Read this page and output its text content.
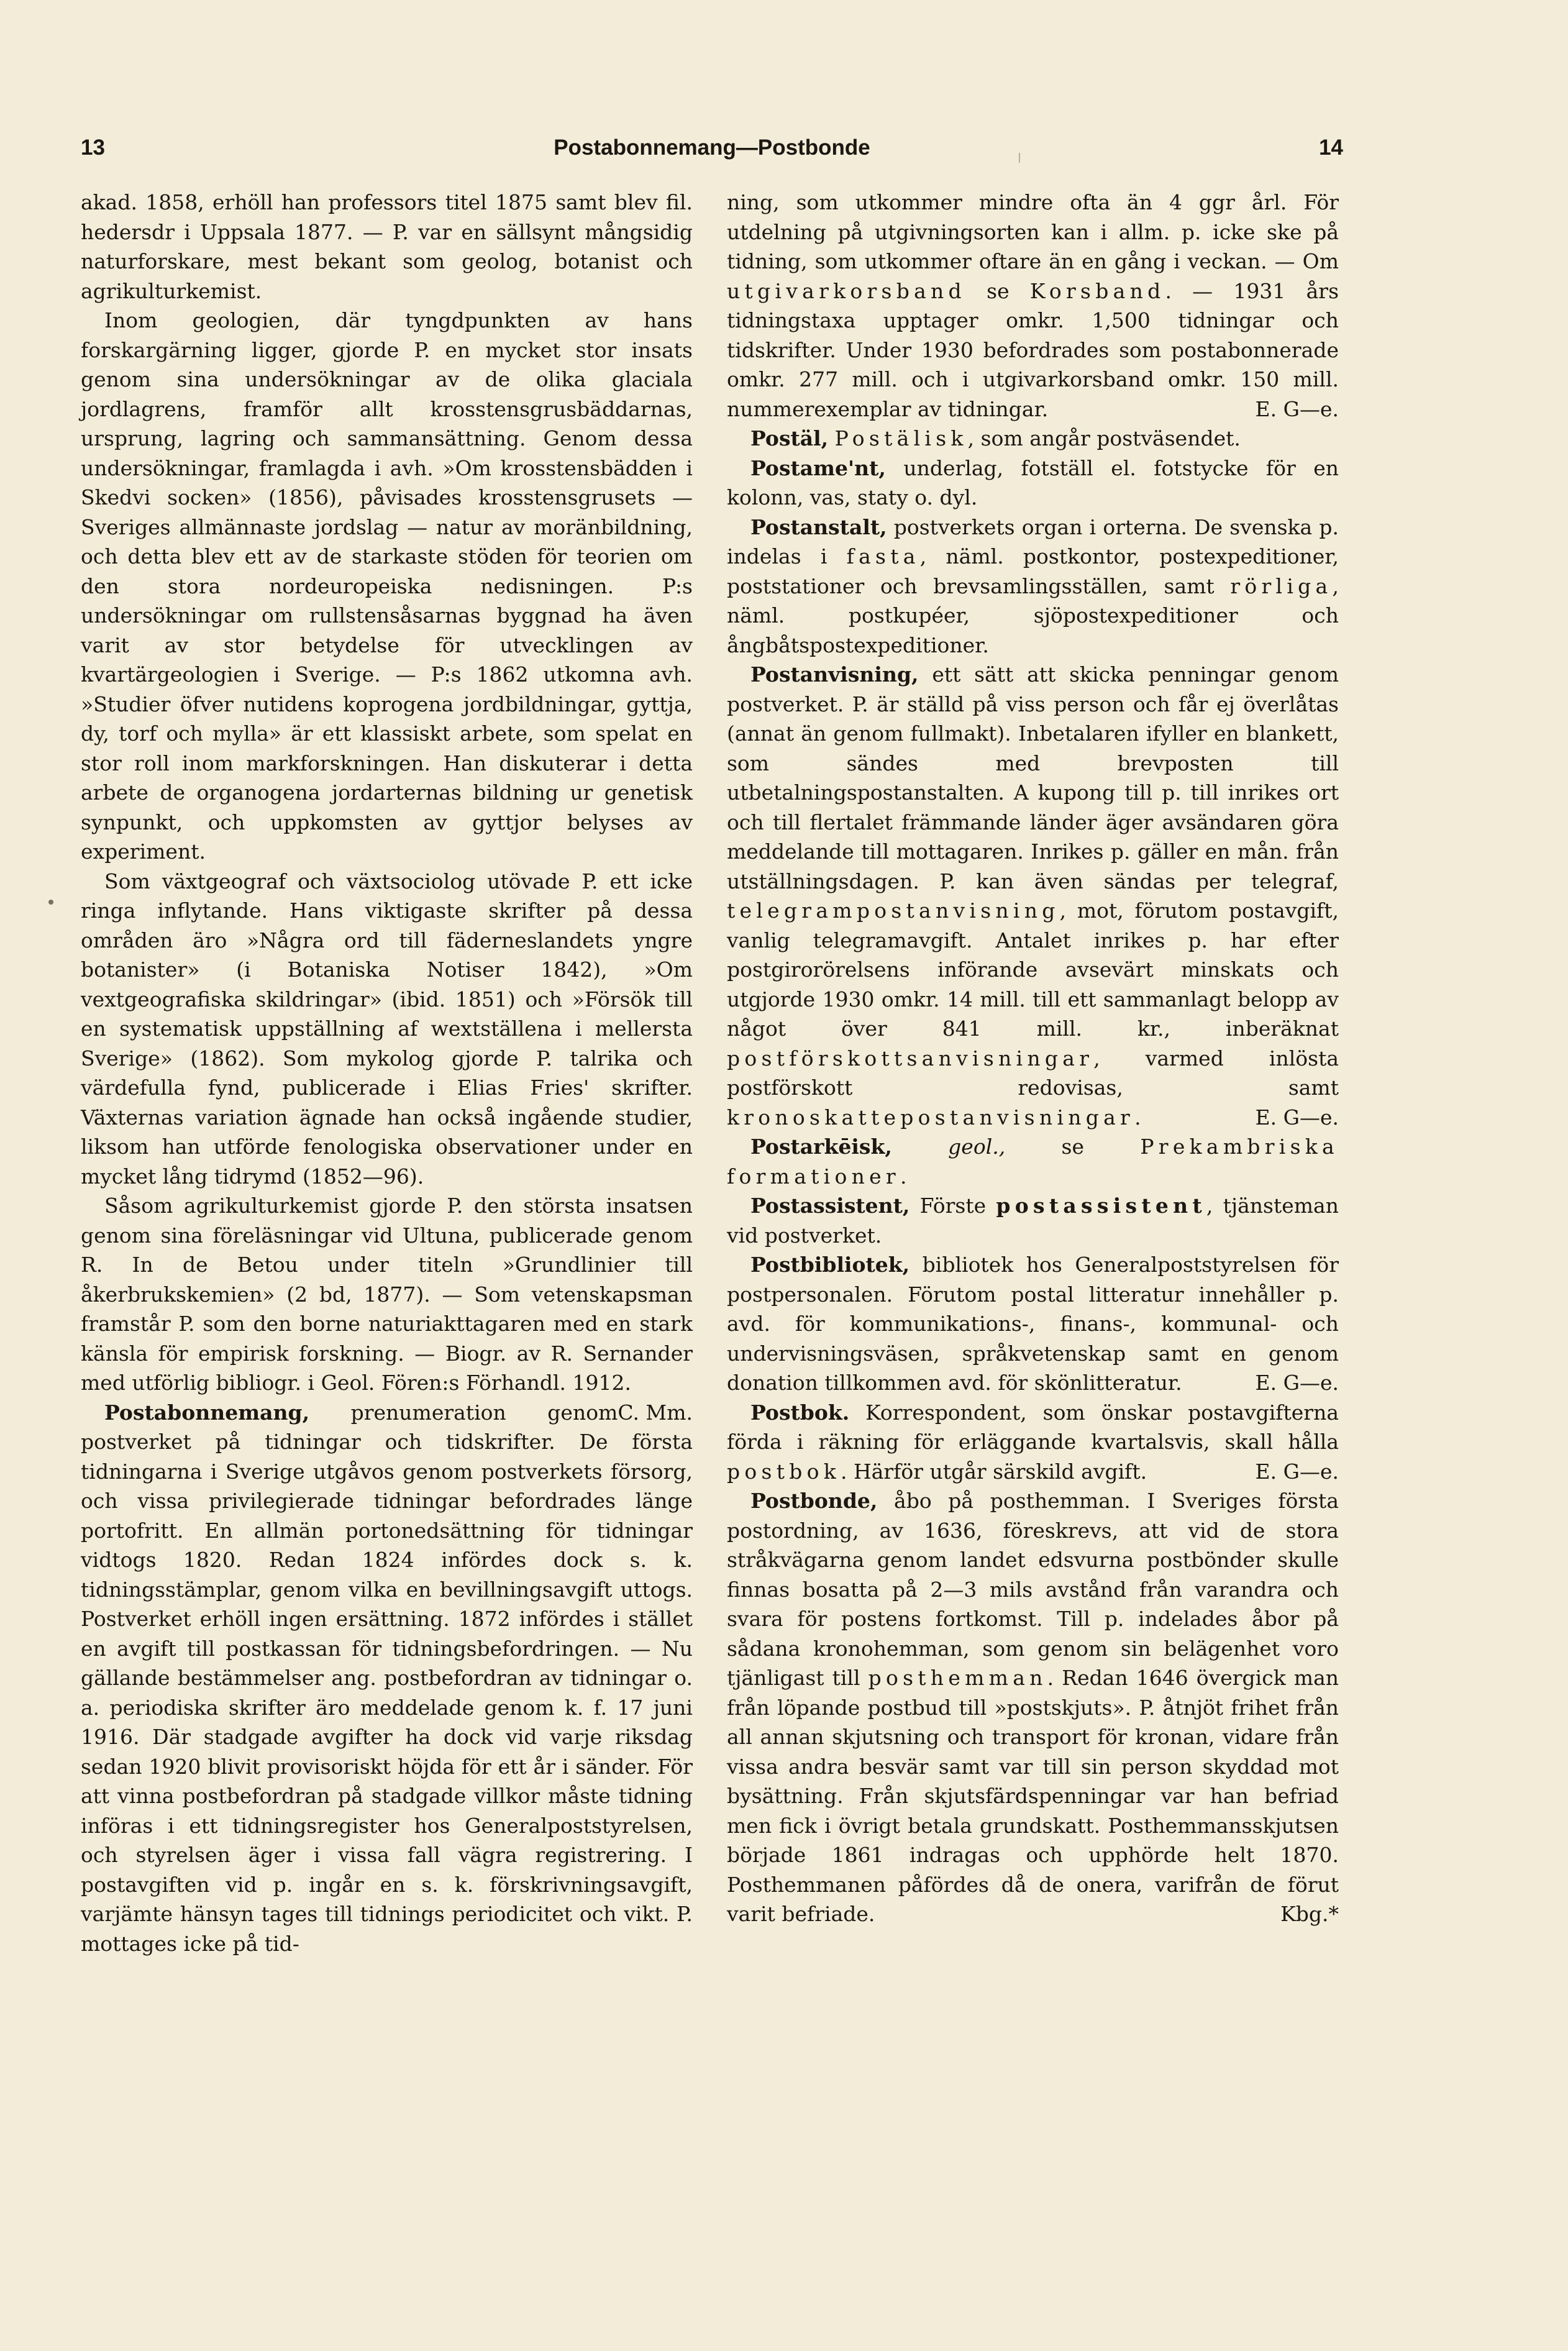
13	Postabonnemang—Postbonde	14

akad. 1858, erhöll han professors titel 1875 samt blev fil. hedersdr i Uppsala 1877. — P. var en sällsynt mångsidig naturforskare, mest bekant som geolog, botanist och agrikulturkemist.

Inom geologien, där tyngdpunkten av hans forskargärning ligger, gjorde P. en mycket stor insats genom sina undersökningar av de olika glaciala jordlagrens, framför allt krosstensgrusbäddarnas, ursprung, lagring och sammansättning. Genom dessa undersökningar, framlagda i avh. »Om krosstensbädden i Skedvi socken» (1856), påvisades krosstensgrusets — Sveriges allmännaste jordslag — natur av moränbildning, och detta blev ett av de starkaste stöden för teorien om den stora nordeuropeiska nedisningen. P:s undersökningar om rullstensåsarnas byggnad ha även varit av stor betydelse för utvecklingen av kvartärgeologien i Sverige. — P:s 1862 utkomna avh. »Studier öfver nutidens koprogena jordbildningar, gyttja, dy, torf och mylla» är ett klassiskt arbete, som spelat en stor roll inom markforskningen. Han diskuterar i detta arbete de organogena jordarternas bildning ur genetisk synpunkt, och uppkomsten av gyttjor belyses av experiment.

Som växtgeograf och växtsociolog utövade P. ett icke ringa inflytande. Hans viktigaste skrifter på dessa områden äro »Några ord till fäderneslandets yngre botanister» (i Botaniska Notiser 1842), »Om vextgeografiska skildringar» (ibid. 1851) och »Försök till en systematisk uppställning af wextställena i mellersta Sverige» (1862). Som mykolog gjorde P. talrika och värdefulla fynd, publicerade i Elias Fries' skrifter. Växternas variation ägnade han också ingående studier, liksom han utförde fenologiska observationer under en mycket lång tidrymd (1852—96).

Såsom agrikulturkemist gjorde P. den största insatsen genom sina föreläsningar vid Ultuna, publicerade genom R. In de Betou under titeln »Grundlinier till åkerbrukskemien» (2 bd, 1877). — Som vetenskapsman framstår P. som den borne naturiakttagaren med en stark känsla för empirisk forskning. — Biogr. av R. Sernander med utförlig bibliogr. i Geol. Fören:s Förhandl. 1912.
C. Mm.

Postabonnemang, prenumeration genom postverket på tidningar och tidskrifter. De första tidningarna i Sverige utgåvos genom postverkets försorg, och vissa privilegierade tidningar befordrades länge portofritt. En allmän portonedsättning för tidningar vidtogs 1820. Redan 1824 infördes dock s. k. tidningsstämplar, genom vilka en bevillningsavgift uttogs. Postverket erhöll ingen ersättning. 1872 infördes i stället en avgift till postkassan för tidningsbefordringen. — Nu gällande bestämmelser ang. postbefordran av tidningar o. a. periodiska skrifter äro meddelade genom k. f. 17 juni 1916. Där stadgade avgifter ha dock vid varje riksdag sedan 1920 blivit provisoriskt höjda för ett år i sänder. För att vinna postbefordran på stadgade villkor måste tidning införas i ett tidningsregister hos Generalpoststyrelsen, och styrelsen äger i vissa fall vägra registrering. I postavgiften vid p. ingår en s. k. förskrivningsavgift, varjämte hänsyn tages till tidnings periodicitet och vikt. P. mottages icke på tid-

ning, som utkommer mindre ofta än 4 ggr årl. För utdelning på utgivningsorten kan i allm. p. icke ske på tidning, som utkommer oftare än en gång i veckan. — Om utgivarkorsband se Korsband. — 1931 års tidningstaxa upptager omkr. 1,500 tidningar och tidskrifter. Under 1930 befordrades som postabonnerade omkr. 277 mill. och i utgivarkorsband omkr. 150 mill. nummerexemplar av tidningar.	E. G—e.

Postäl, Postälisk, som angår postväsendet.

Postame'nt, underlag, fotställ el. fotstycke för en kolonn, vas, staty o. dyl.

Postanstalt, postverkets organ i orterna. De svenska p. indelas i fasta, näml. postkontor, postexpeditioner, poststationer och brevsamlingsställen, samt rörliga, näml. postkupéer, sjöpostexpeditioner och ångbåtspostexpeditioner.

Postanvisning, ett sätt att skicka penningar genom postverket. P. är ställd på viss person och får ej överlåtas (annat än genom fullmakt). Inbetalaren ifyller en blankett, som sändes med brevposten till utbetalningspostanstalten. A kupong till p. till inrikes ort och till flertalet främmande länder äger avsändaren göra meddelande till mottagaren. Inrikes p. gäller en mån. från utställningsdagen. P. kan även sändas per telegraf, telegrampostanvisning, mot, förutom postavgift, vanlig telegramavgift. Antalet inrikes p. har efter postgirorörelsens införande avsevärt minskats och utgjorde 1930 omkr. 14 mill. till ett sammanlagt belopp av något över 841 mill. kr., inberäknat postförskottsanvisningar, varmed inlösta postförskott redovisas, samt kronoskattepostanvisningar.	E. G—e.

Postarkēisk, geol., se Prekambriska formationer.

Postassistent, Förste postassistent, tjänsteman vid postverket.

Postbibliotek, bibliotek hos Generalpoststyrelsen för postpersonalen. Förutom postal litteratur innehåller p. avd. för kommunikations-, finans-, kommunal- och undervisningsväsen, språkvetenskap samt en genom donation tillkommen avd. för skönlitteratur.	E. G—e.

Postbok. Korrespondent, som önskar postavgifterna förda i räkning för erläggande kvartalsvis, skall hålla postbok. Härför utgår särskild avgift.	E. G—e.

Postbonde, åbo på posthemman. I Sveriges första postordning, av 1636, föreskrevs, att vid de stora stråkvägarna genom landet edsvurna postbönder skulle finnas bosatta på 2—3 mils avstånd från varandra och svara för postens fortkomst. Till p. indelades åbor på sådana kronohemman, som genom sin belägenhet voro tjänligast till posthemman. Redan 1646 övergick man från löpande postbud till »postskjuts». P. åtnjöt frihet från all annan skjutsning och transport för kronan, vidare från vissa andra besvär samt var till sin person skyddad mot bysättning. Från skjutsfärdspenningar var han befriad men fick i övrigt betala grundskatt. Posthemmansskjutsen började 1861 indragas och upphörde helt 1870. Posthemmanen påfördes då de onera, varifrån de förut varit befriade.	Kbg.*
